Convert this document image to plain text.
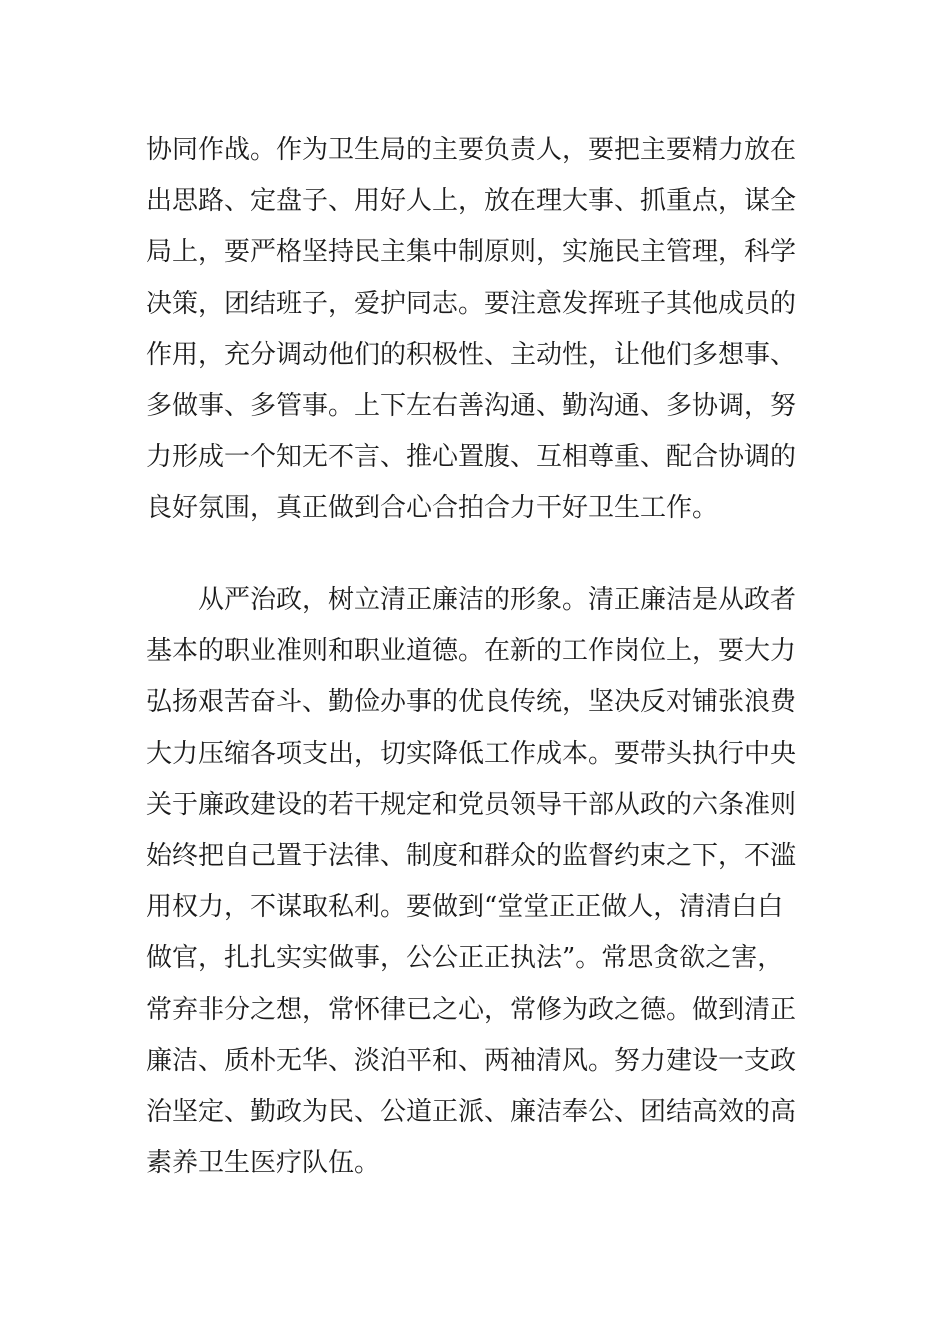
协同作战。作为卫生局的主要负责人，要把主要精力放在
出思路、定盘子、用好人上，放在理大事、抓重点，谋全
局上，要严格坚持民主集中制原则，实施民主管理，科学
决策，团结班子，爱护同志。要注意发挥班子其他成员的
作用，充分调动他们的积极性、主动性，让他们多想事、
多做事、多管事。上下左右善沟通、勤沟通、多协调，努
力形成一个知无不言、推心置腹、互相尊重、配合协调的
良好氛围，真正做到合心合拍合力干好卫生工作。
从严治政，树立清正廉洁的形象。清正廉洁是从政者
基本的职业准则和职业道德。在新的工作岗位上，要大力
弘扬艰苦奋斗、勤俭办事的优良传统，坚决反对铺张浪费
大力压缩各项支出，切实降低工作成本。要带头执行中央
关于廉政建设的若干规定和党员领导干部从政的六条准则
始终把自己置于法律、制度和群众的监督约束之下，不滥
用权力，不谋取私利。要做到“堂堂正正做人，清清白白
做官，扎扎实实做事，公公正正执法”。常思贪欲之害，
常弃非分之想，常怀律已之心，常修为政之德。做到清正
廉洁、质朴无华、淡泊平和、两袖清风。努力建设一支政
治坚定、勤政为民、公道正派、廉洁奉公、团结高效的高
素养卫生医疗队伍。
